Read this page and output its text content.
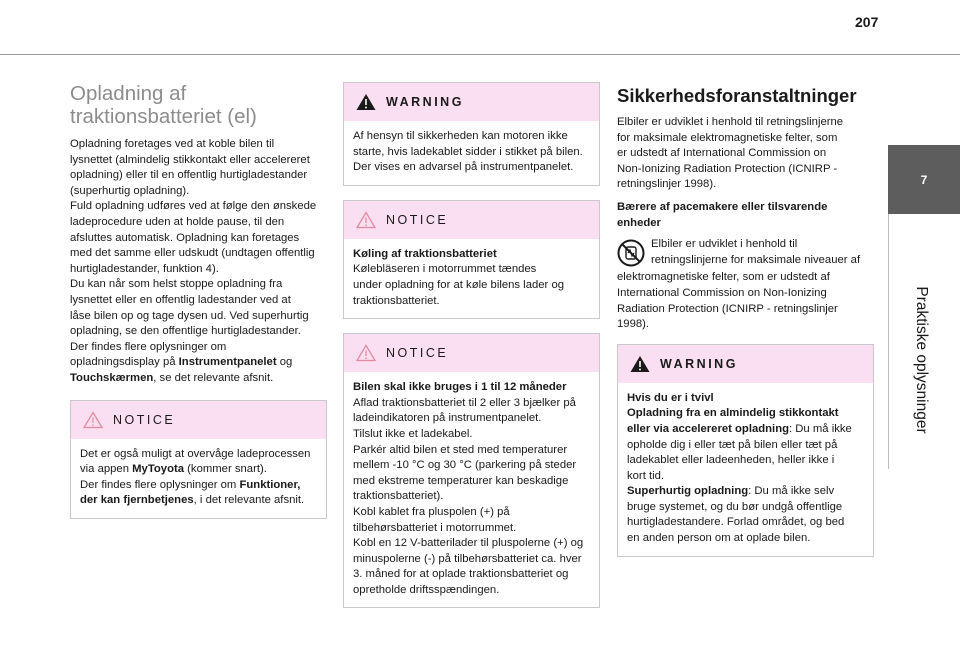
207
7
Praktiske oplysninger
Opladning af
traktionsbatteriet (el)
Opladning foretages ved at koble bilen til
lysnettet (almindelig stikkontakt eller accelereret
opladning) eller til en offentlig hurtigladestander
(superhurtig opladning).
Fuld opladning udføres ved at følge den ønskede
ladeprocedure uden at holde pause, til den
afsluttes automatisk. Opladning kan foretages
med det samme eller udskudt (undtagen offentlig
hurtigladestander, funktion 4).
Du kan når som helst stoppe opladning fra
lysnettet eller en offentlig ladestander ved at
låse bilen op og tage dysen ud. Ved superhurtig
opladning, se den offentlige hurtigladestander.
Der findes flere oplysninger om
opladningsdisplay på Instrumentpanelet og
Touchskærmen, se det relevante afsnit.
NOTICE
Det er også muligt at overvåge ladeprocessen
via appen MyToyota (kommer snart).
Der findes flere oplysninger om Funktioner,
der kan fjernbetjenes, i det relevante afsnit.
WARNING
Af hensyn til sikkerheden kan motoren ikke
starte, hvis ladekablet sidder i stikket på bilen.
Der vises en advarsel på instrumentpanelet.
NOTICE
Køling af traktionsbatteriet
Kølebläseren i motorrummet tændes
under opladning for at køle bilens lader og
traktionsbatteriet.
NOTICE
Bilen skal ikke bruges i 1 til 12 måneder
Aflad traktionsbatteriet til 2 eller 3 bjælker på
ladeindikatoren på instrumentpanelet.
Tilslut ikke et ladekabel.
Parkér altid bilen et sted med temperaturer
mellem -10 °C og 30 °C (parkering på steder
med ekstreme temperaturer kan beskadige
traktionsbatteriet).
Kobl kablet fra pluspolen (+) på
tilbehørsbatteriet i motorrummet.
Kobl en 12 V-batterilader til pluspolerne (+) og
minuspolerne (-) på tilbehørsbatteriet ca. hver
3. måned for at oplade traktionsbatteriet og
opretholde driftsspændingen.
Sikkerhedsforanstaltninger
Elbiler er udviklet i henhold til retningslinjerne
for maksimale elektromagnetiske felter, som
er udstedt af International Commission on
Non-Ionizing Radiation Protection (ICNIRP -
retningslinjer 1998).
Bærere af pacemakere eller tilsvarende
enheder
Elbiler er udviklet i henhold til
retningslinjerne for maksimale niveauer af
elektromagnetiske felter, som er udstedt af
International Commission on Non-Ionizing
Radiation Protection (ICNIRP - retningslinjer
1998).
WARNING
Hvis du er i tvivl
Opladning fra en almindelig stikkontakt
eller via accelereret opladning: Du må ikke
opholde dig i eller tæt på bilen eller tæt på
ladekablet eller ladeenheden, heller ikke i
kort tid.
Superhurtig opladning: Du må ikke selv
bruge systemet, og du bør undgå offentlige
hurtigladestandere. Forlad området, og bed
en anden person om at oplade bilen.
